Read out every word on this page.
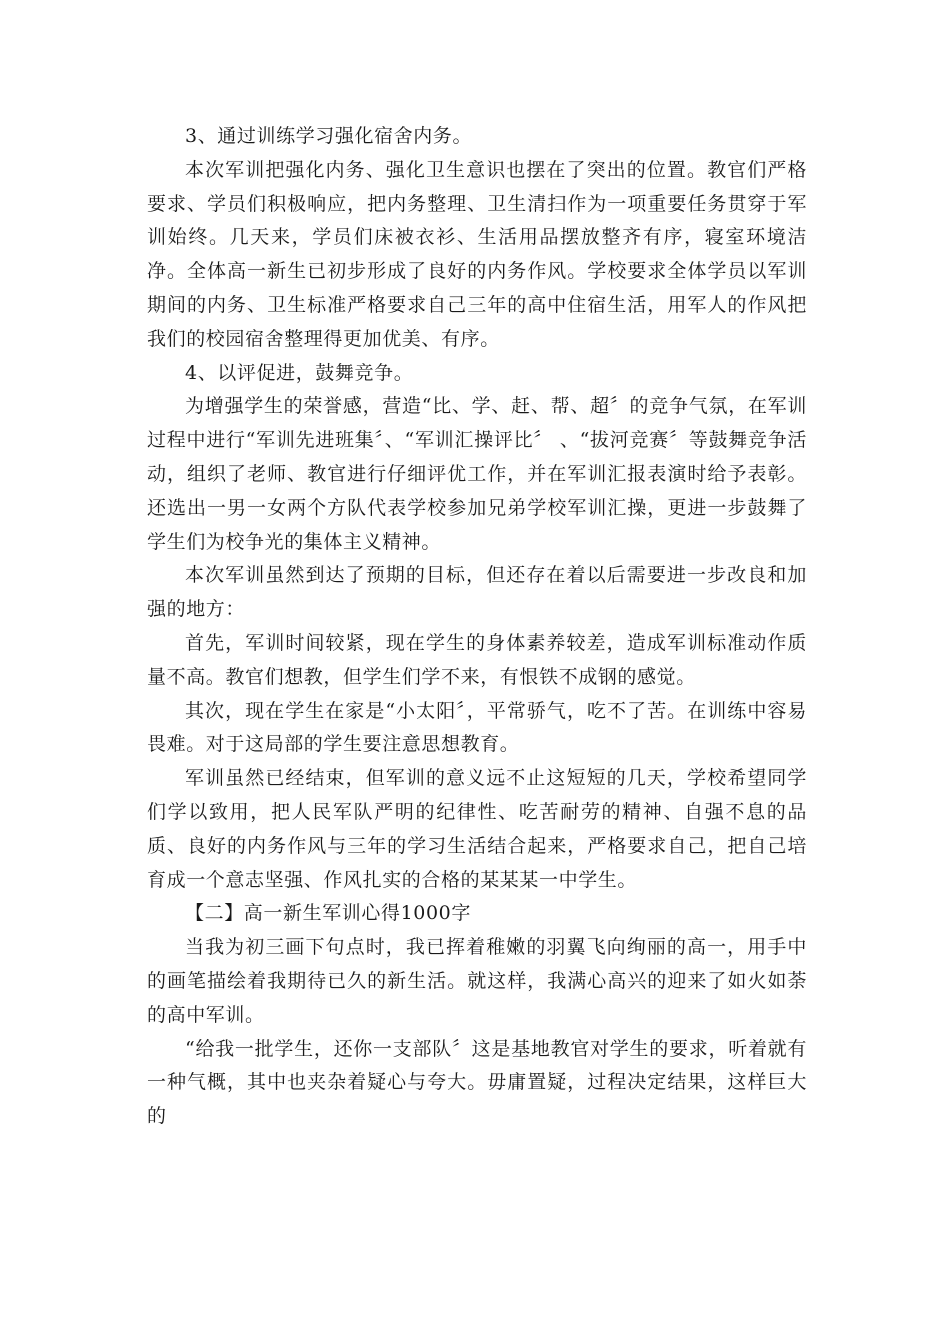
3、通过训练学习强化宿舍内务。

本次军训把强化内务、强化卫生意识也摆在了突出的位置。教官们严格要求、学员们积极响应，把内务整理、卫生清扫作为一项重要任务贯穿于军训始终。几天来，学员们床被衣衫、生活用品摆放整齐有序，寝室环境洁净。全体高一新生已初步形成了良好的内务作风。学校要求全体学员以军训期间的内务、卫生标准严格要求自己三年的高中住宿生活，用军人的作风把我们的校园宿舍整理得更加优美、有序。

4、以评促进，鼓舞竞争。

为增强学生的荣誉感，营造“比、学、赶、帮、超〞的竞争气氛，在军训过程中进行“军训先进班集〞、“军训汇操评比〞 、“拔河竞赛〞等鼓舞竞争活动，组织了老师、教官进行仔细评优工作，并在军训汇报表演时给予表彰。还选出一男一女两个方队代表学校参加兄弟学校军训汇操，更进一步鼓舞了学生们为校争光的集体主义精神。

本次军训虽然到达了预期的目标，但还存在着以后需要进一步改良和加强的地方：

首先，军训时间较紧，现在学生的身体素养较差，造成军训标准动作质量不高。教官们想教，但学生们学不来，有恨铁不成钢的感觉。

其次，现在学生在家是“小太阳〞，平常骄气，吃不了苦。在训练中容易畏难。对于这局部的学生要注意思想教育。

军训虽然已经结束，但军训的意义远不止这短短的几天，学校希望同学们学以致用，把人民军队严明的纪律性、吃苦耐劳的精神、自强不息的品质、良好的内务作风与三年的学习生活结合起来，严格要求自己，把自己培育成一个意志坚强、作风扎实的合格的某某某一中学生。

【二】高一新生军训心得1000字

当我为初三画下句点时，我已挥着稚嫩的羽翼飞向绚丽的高一，用手中的画笔描绘着我期待已久的新生活。就这样，我满心高兴的迎来了如火如荼的高中军训。

“给我一批学生，还你一支部队〞这是基地教官对学生的要求，听着就有一种气概，其中也夹杂着疑心与夸大。毋庸置疑，过程决定结果，这样巨大的
